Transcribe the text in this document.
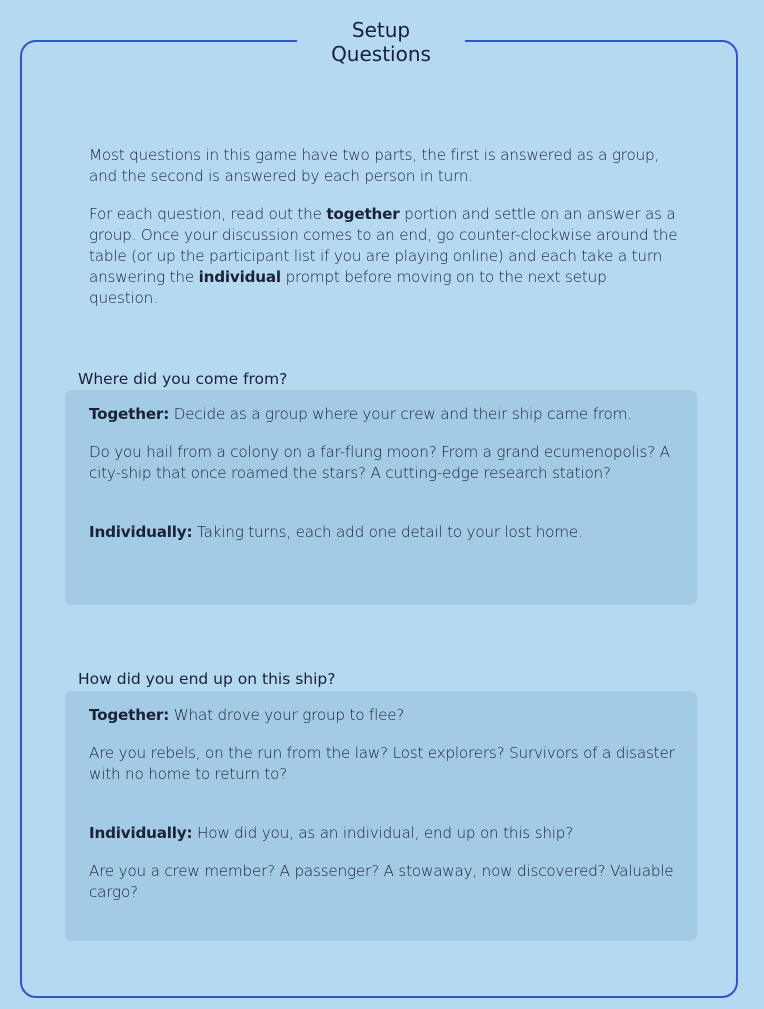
Setup
Questions

Most questions in this game have two parts, the first is answered as a group, and the second is answered by each person in turn.

For each question, read out the together portion and settle on an answer as a group. Once your discussion comes to an end, go counter-clockwise around the table (or up the participant list if you are playing online) and each take a turn answering the individual prompt before moving on to the next setup question.

Where did you come from?

Together: Decide as a group where your crew and their ship came from.

Do you hail from a colony on a far-flung moon? From a grand ecumenopolis? A city-ship that once roamed the stars? A cutting-edge research station?

Individually: Taking turns, each add one detail to your lost home.

How did you end up on this ship?

Together: What drove your group to flee?

Are you rebels, on the run from the law? Lost explorers? Survivors of a disaster with no home to return to?

Individually: How did you, as an individual, end up on this ship?

Are you a crew member? A passenger? A stowaway, now discovered? Valuable cargo?
